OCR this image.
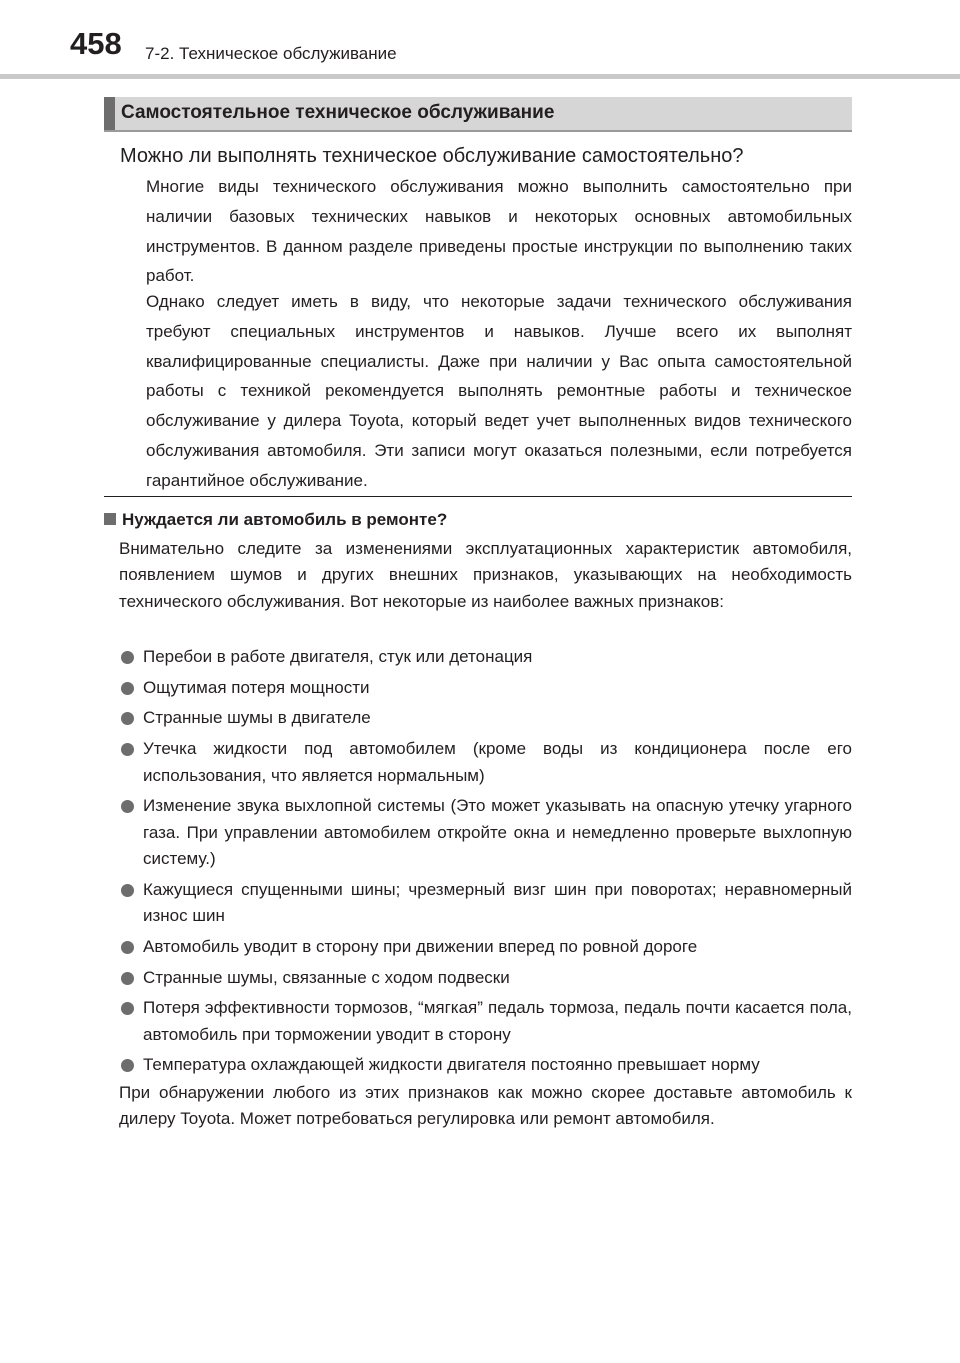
458 7-2. Техническое обслуживание
Самостоятельное техническое обслуживание
Можно ли выполнять техническое обслуживание самостоятельно?

Многие виды технического обслуживания можно выполнить самостоятельно при наличии базовых технических навыков и некоторых основных автомобильных инструментов. В данном разделе приведены простые инструкции по выполнению таких работ.

Однако следует иметь в виду, что некоторые задачи технического обслуживания требуют специальных инструментов и навыков. Лучше всего их выполнят квалифицированные специалисты. Даже при наличии у Вас опыта самостоятельной работы с техникой рекомендуется выполнять ремонтные работы и техническое обслуживание у дилера Toyota, который ведет учет выполненных видов технического обслуживания автомобиля. Эти записи могут оказаться полезными, если потребуется гарантийное обслуживание.

Нуждается ли автомобиль в ремонте?

Внимательно следите за изменениями эксплуатационных характеристик автомобиля, появлением шумов и других внешних признаков, указывающих на необходимость технического обслуживания. Вот некоторые из наиболее важных признаков:

Перебои в работе двигателя, стук или детонация
Ощутимая потеря мощности
Странные шумы в двигателе
Утечка жидкости под автомобилем (кроме воды из кондиционера после его использования, что является нормальным)
Изменение звука выхлопной системы (Это может указывать на опасную утечку угарного газа. При управлении автомобилем откройте окна и немедленно проверьте выхлопную систему.)
Кажущиеся спущенными шины; чрезмерный визг шин при поворотах; неравномерный износ шин
Автомобиль уводит в сторону при движении вперед по ровной дороге
Странные шумы, связанные с ходом подвески
Потеря эффективности тормозов, “мягкая” педаль тормоза, педаль почти касается пола, автомобиль при торможении уводит в сторону
Температура охлаждающей жидкости двигателя постоянно превышает норму

При обнаружении любого из этих признаков как можно скорее доставьте автомобиль к дилеру Toyota. Может потребоваться регулировка или ремонт автомобиля.
